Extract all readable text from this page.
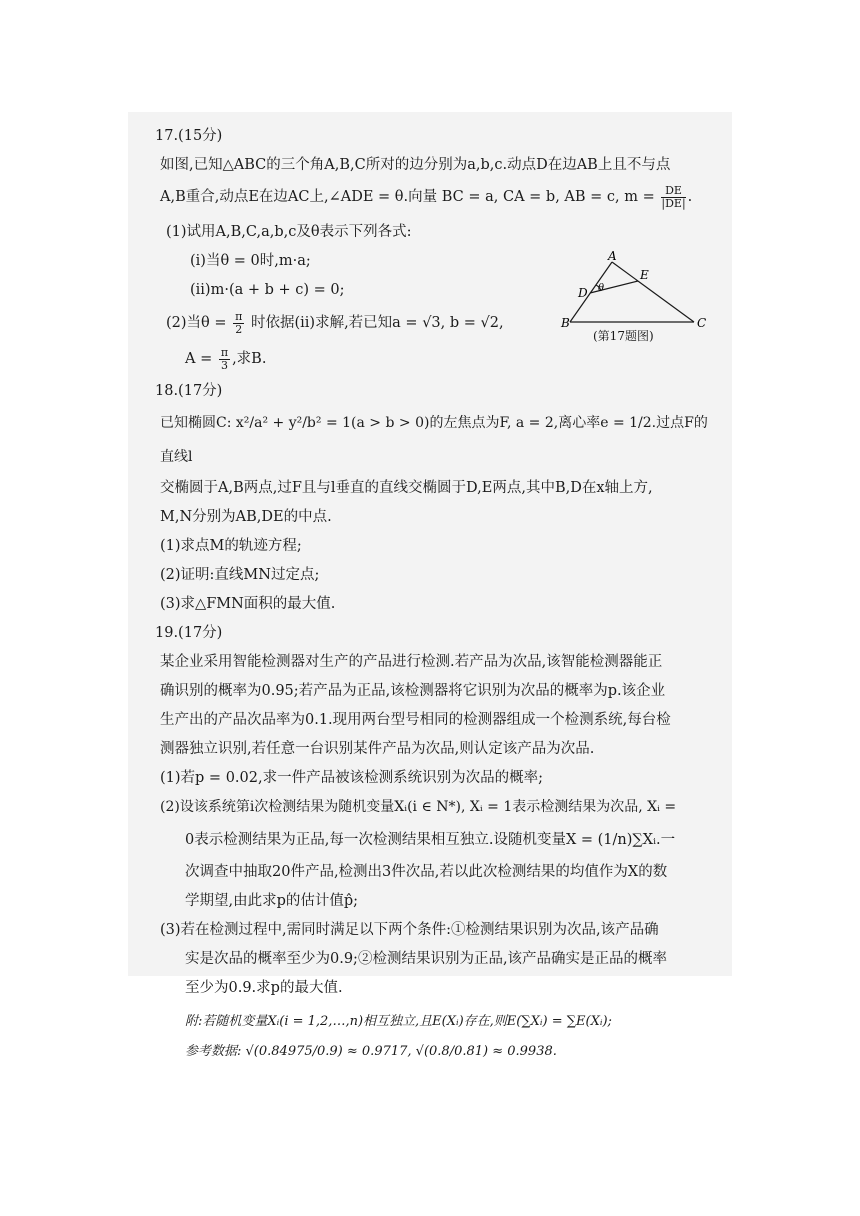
17.(15分)
如图,已知△ABC的三个角A,B,C所对的边分别为a,b,c.动点D在边AB上且不与点
A,B重合,动点E在边AC上,∠ADE = θ.向量 BC = a, CA = b, AB = c, $m = \frac{DE}{|DE|}$ .
(1)试用A,B,C,a,b,c及θ表示下列各式:
(ⅰ)当θ = 0时,m·a;
(ⅱ)m·(a + b + c) = 0;
(2)当$\theta = \frac{\pi}{2}$ 时依据(ⅱ)求解,若已知a = √3, b = √2,
$A = \frac{\pi}{3}$ ,求B.
18.(17分)
已知椭圆C: x²/a² + y²/b² = 1(a > b > 0)的左焦点为F, a = 2,离心率e = 1/2.过点F的直线l
交椭圆于A,B两点,过F且与l垂直的直线交椭圆于D,E两点,其中B,D在x轴上方,
M,N分别为AB,DE的中点.
(1)求点M的轨迹方程;
(2)证明:直线MN过定点;
(3)求△FMN面积的最大值.
19.(17分)
某企业采用智能检测器对生产的产品进行检测.若产品为次品,该智能检测器能正
确识别的概率为0.95;若产品为正品,该检测器将它识别为次品的概率为p.该企业
生产出的产品次品率为0.1.现用两台型号相同的检测器组成一个检测系统,每台检
测器独立识别,若任意一台识别某件产品为次品,则认定该产品为次品.
(1)若p = 0.02,求一件产品被该检测系统识别为次品的概率;
(2)设该系统第i次检测结果为随机变量Xᵢ(i ∈ N*), Xᵢ = 1表示检测结果为次品, Xᵢ =
0表示检测结果为正品,每一次检测结果相互独立.设随机变量X = (1/n)∑Xᵢ.一
次调查中抽取20件产品,检测出3件次品,若以此次检测结果的均值作为X的数
学期望,由此求p的估计值p̂;
(3)若在检测过程中,需同时满足以下两个条件:①检测结果识别为次品,该产品确
实是次品的概率至少为0.9;②检测结果识别为正品,该产品确实是正品的概率
至少为0.9.求p的最大值.
附:若随机变量Xᵢ(i = 1,2,…,n)相互独立,且E(Xᵢ)存在,则E(∑Xᵢ) = ∑E(Xᵢ);
参考数据: √(0.84975/0.9) ≈ 0.9717, √(0.8/0.81) ≈ 0.9938.
A
B	C
D
E
θ
(第17题图)
